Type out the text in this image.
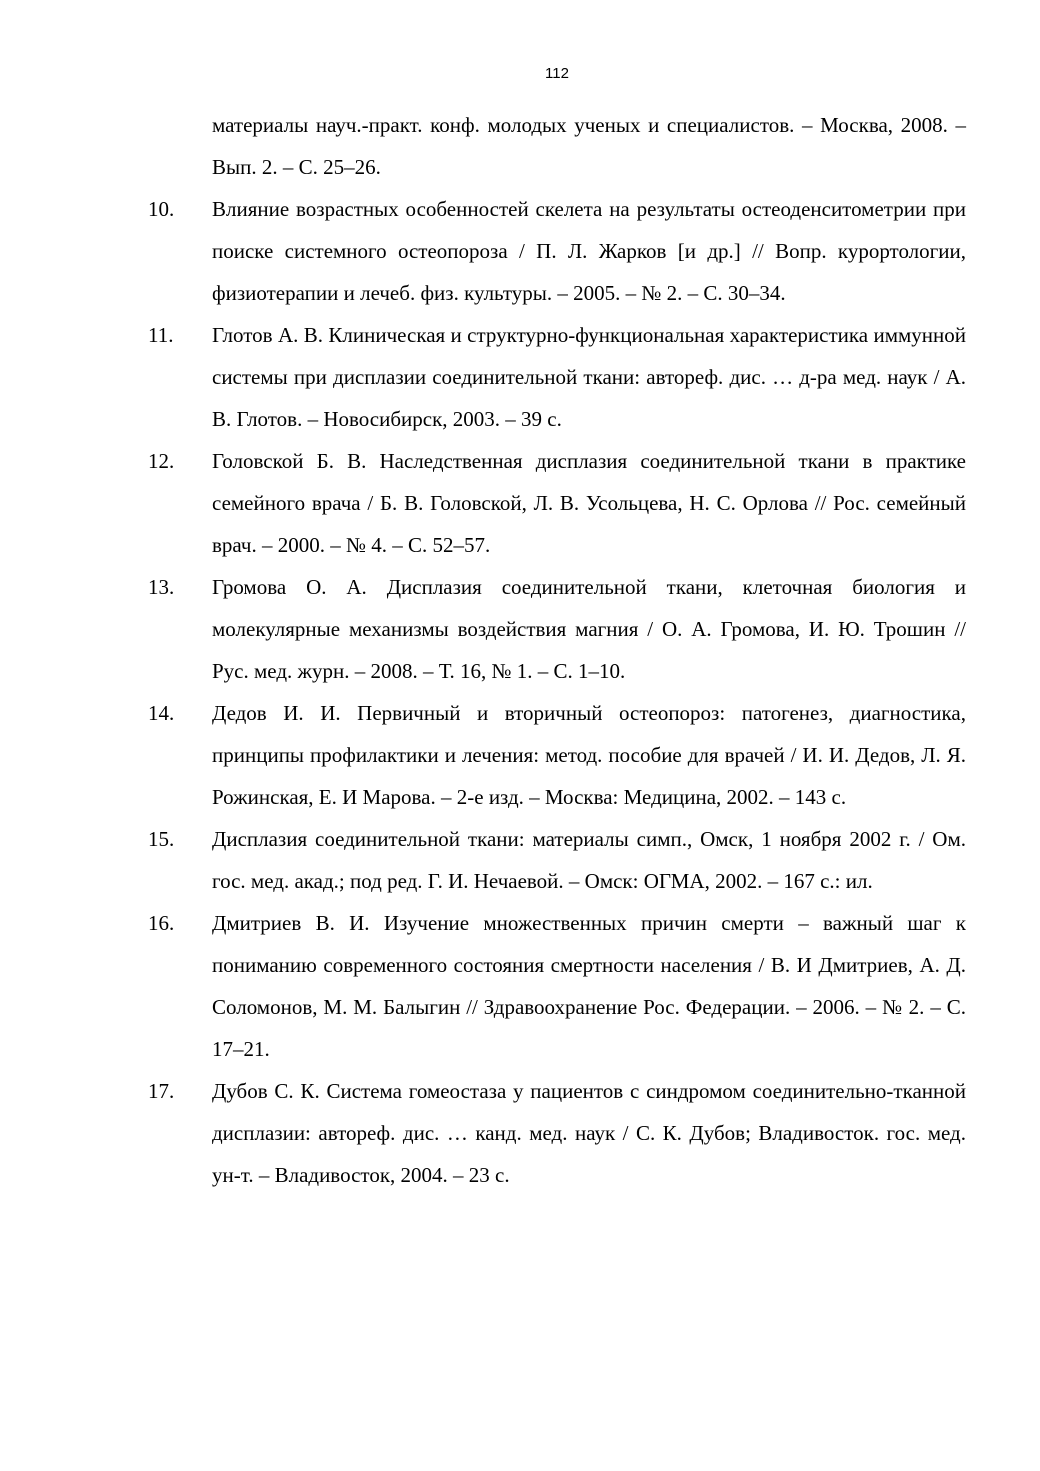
112
материалы науч.-практ. конф. молодых ученых и специалистов. – Москва, 2008. – Вып. 2. – С. 25–26.
10.	Влияние возрастных особенностей скелета на результаты остеоденситометрии при поиске системного остеопороза / П. Л. Жарков [и др.] // Вопр. курортологии, физиотерапии и лечеб. физ. культуры. – 2005. – № 2. – С. 30–34.
11.	Глотов А. В. Клиническая и структурно-функциональная характеристика иммунной системы при дисплазии соединительной ткани: автореф. дис. … д-ра мед. наук / А. В. Глотов. – Новосибирск, 2003. – 39 с.
12.	Головской Б. В. Наследственная дисплазия соединительной ткани в практике семейного врача / Б. В. Головской, Л. В. Усольцева, Н. С. Орлова // Рос. семейный врач. – 2000. – № 4. – С. 52–57.
13.	Громова О. А. Дисплазия соединительной ткани, клеточная биология и молекулярные механизмы воздействия магния / О. А. Громова, И. Ю. Трошин // Рус. мед. журн. – 2008. – Т. 16, № 1. – С. 1–10.
14.	Дедов И. И. Первичный и вторичный остеопороз: патогенез, диагностика, принципы профилактики и лечения: метод. пособие для врачей / И. И. Дедов, Л. Я. Рожинская, Е. И Марова. – 2-е изд. – Москва: Медицина, 2002. – 143 с.
15.	Дисплазия соединительной ткани: материалы симп., Омск, 1 ноября 2002 г. / Ом. гос. мед. акад.; под ред. Г. И. Нечаевой. – Омск: ОГМА, 2002. – 167 с.: ил.
16.	Дмитриев В. И. Изучение множественных причин смерти – важный шаг к пониманию современного состояния смертности населения / В. И Дмитриев, А. Д. Соломонов, М. М. Балыгин // Здравоохранение Рос. Федерации. – 2006. – № 2. – С. 17–21.
17.	Дубов С. К. Система гомеостаза у пациентов с синдромом соединительно-тканной дисплазии: автореф. дис. … канд. мед. наук / С. К. Дубов; Владивосток. гос. мед. ун-т. – Владивосток, 2004. – 23 с.
